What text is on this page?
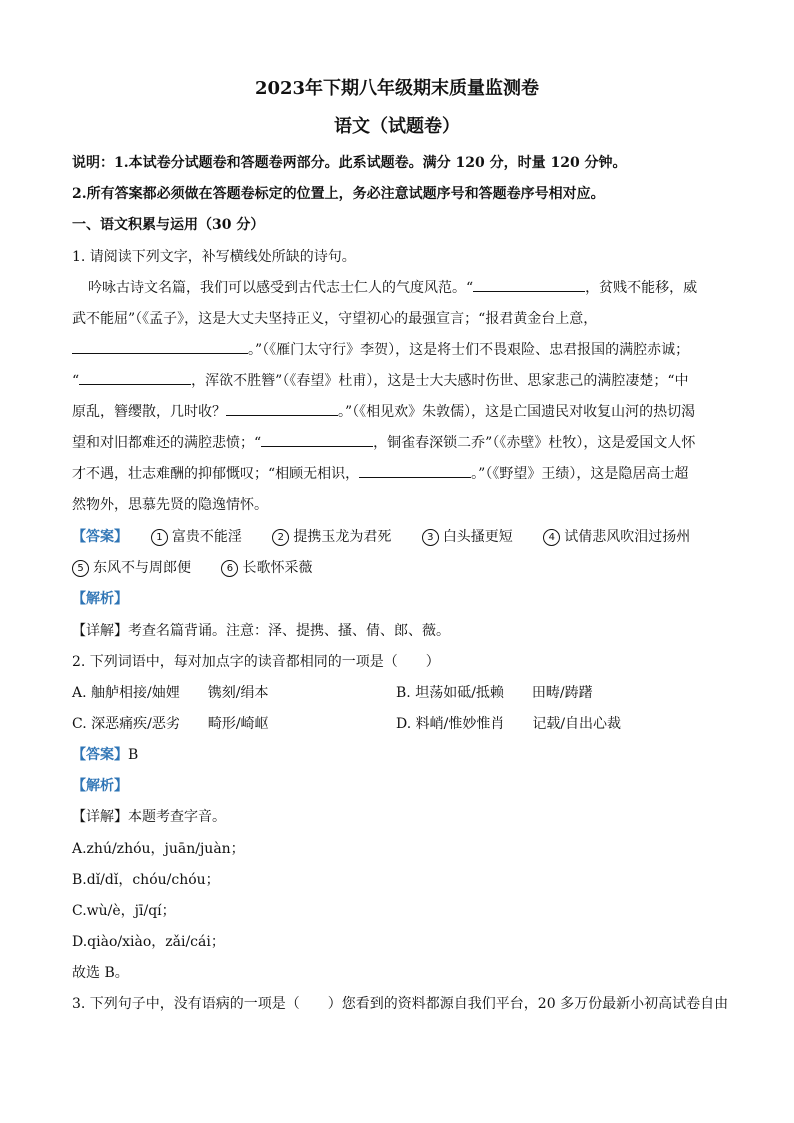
2023年下期八年级期末质量监测卷
语文（试题卷）
说明：1.本试卷分试题卷和答题卷两部分。此系试题卷。满分 120 分，时量 120 分钟。
2.所有答案都必须做在答题卷标定的位置上，务必注意试题序号和答题卷序号相对应。
一、语文积累与运用（30 分）
1. 请阅读下列文字，补写横线处所缺的诗句。
吟咏古诗文名篇，我们可以感受到古代志士仁人的气度风范。“	，贫贱不能移，威
武不能屈”（《孟子》，这是大丈夫坚持正义，守望初心的最强宣言；“报君黄金台上意，
。”（《雁门太守行》李贺），这是将士们不畏艰险、忠君报国的满腔赤诚；
“	，浑欲不胜簪”（《春望》杜甫），这是士大夫感时伤世、思家悲己的满腔凄楚；“中
原乱，簪缨散，几时收？	。”（《相见欢》朱敦儒），这是亡国遗民对收复山河的热切渴
望和对旧都难还的满腔悲愤；“	，铜雀春深锁二乔”（《赤壁》杜牧），这是爱国文人怀
才不遇，壮志难酬的抑郁慨叹；“相顾无相识，	。”（《野望》王绩），这是隐居高士超
然物外，思慕先贤的隐逸情怀。
【答案】	1 富贵不能淫	2 提携玉龙为君死	3 白头搔更短	4 试倩悲风吹泪过扬州
5 东风不与周郎便	6 长歌怀采薇
【解析】
【详解】考查名篇背诵。注意：泽、提携、搔、倩、郎、薇。
2. 下列词语中，每对加点字的读音都相同的一项是（　　）
A. 舳舻相接/妯娌　　镌刻/绢本	B. 坦荡如砥/抵赖　　田畴/踌躇
C. 深恶痛疾/恶劣　　畸形/崎岖	D. 料峭/惟妙惟肖　　记载/自出心裁
【答案】B
【解析】
【详解】本题考查字音。
A.zhú/zhóu，juān/juàn；
B.dǐ/dǐ，chóu/chóu；
C.wù/è，jī/qí；
D.qiào/xiào，zǎi/cái；
故选 B。
3. 下列句子中，没有语病的一项是（　　）您看到的资料都源自我们平台，20 多万份最新小初高试卷自由
